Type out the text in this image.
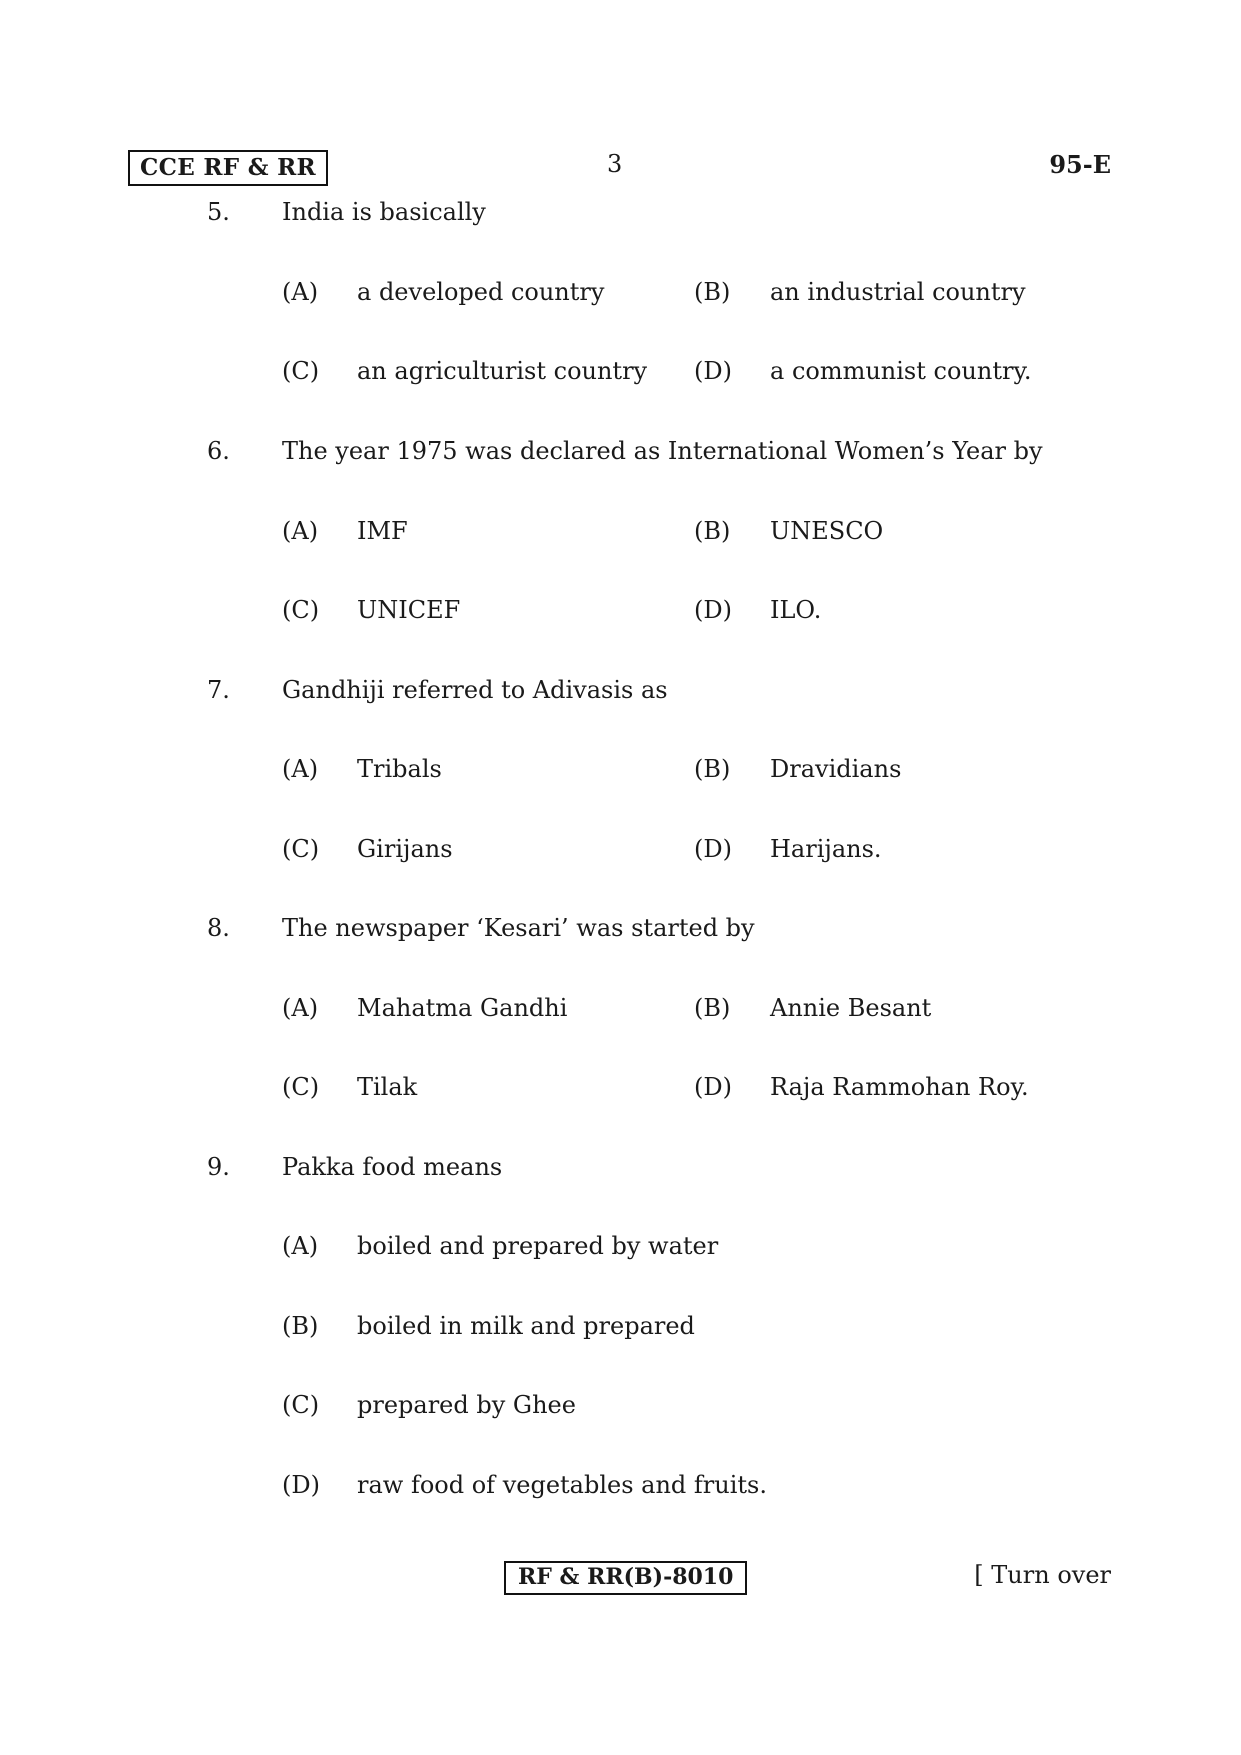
CCE RF & RR	3	95-E
5. India is basically
(A) a developed country	(B) an industrial country
(C) an agriculturist country (D) a communist country.
6. The year 1975 was declared as International Women’s Year by
(A) IMF	(B) UNESCO
(C) UNICEF	(D) ILO.
7. Gandhiji referred to Adivasis as
(A) Tribals	(B) Dravidians
(C) Girijans	(D) Harijans.
8. The newspaper ‘Kesari’ was started by
(A) Mahatma Gandhi	(B) Annie Besant
(C) Tilak	(D) Raja Rammohan Roy.
9. Pakka food means
(A) boiled and prepared by water
(B) boiled in milk and prepared
(C) prepared by Ghee
(D) raw food of vegetables and fruits.
RF & RR(B)-8010	[ Turn over
